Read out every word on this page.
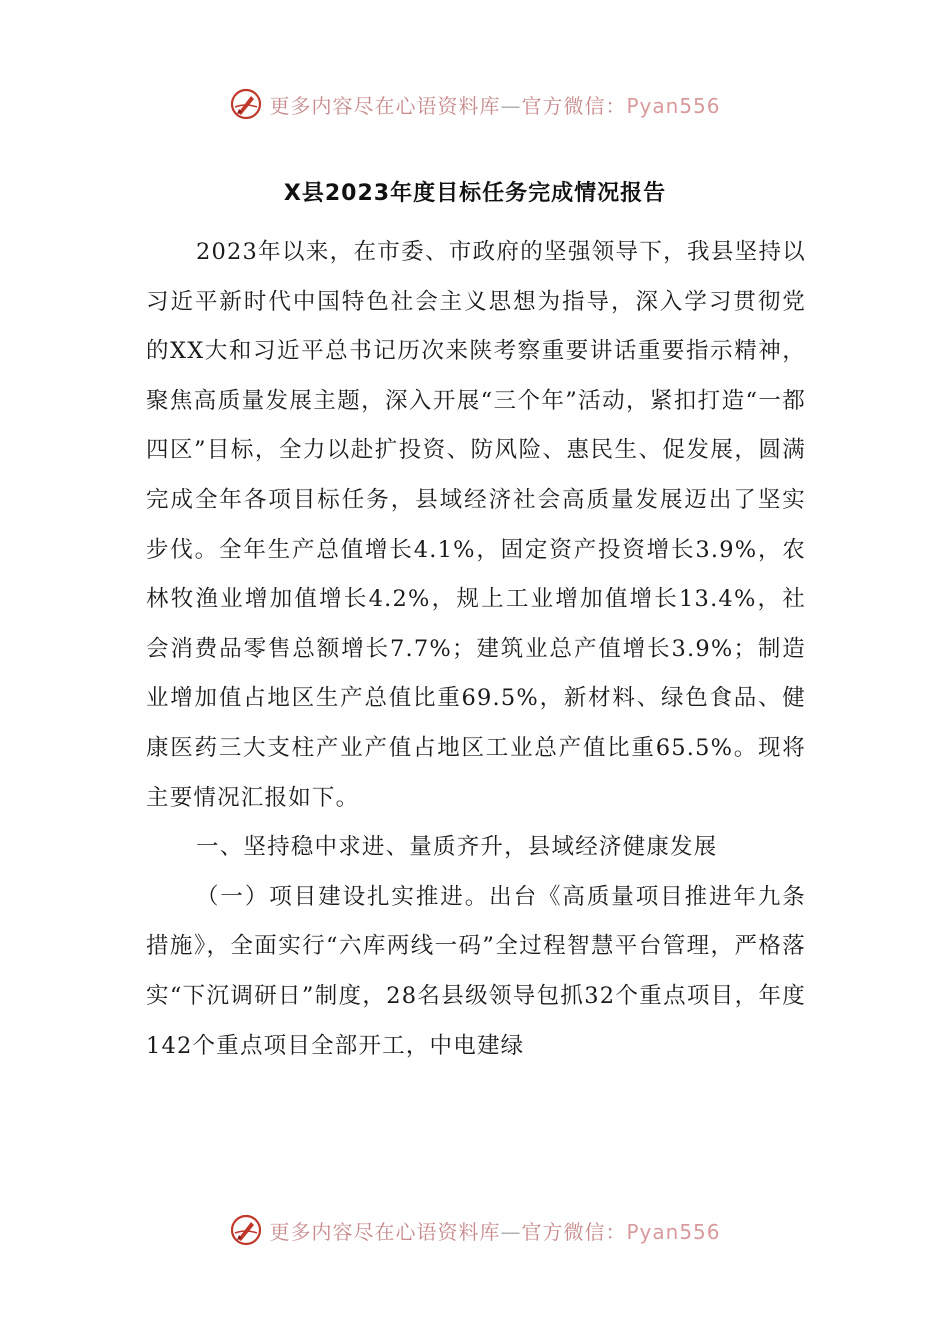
更多内容尽在心语资料库—官方微信：Pyan556
X县2023年度目标任务完成情况报告

2023年以来，在市委、市政府的坚强领导下，我县坚持以习近平新时代中国特色社会主义思想为指导，深入学习贯彻党的XX大和习近平总书记历次来陕考察重要讲话重要指示精神，聚焦高质量发展主题，深入开展“三个年”活动，紧扣打造“一都四区”目标，全力以赴扩投资、防风险、惠民生、促发展，圆满完成全年各项目标任务，县域经济社会高质量发展迈出了坚实步伐。全年生产总值增长4.1%，固定资产投资增长3.9%，农林牧渔业增加值增长4.2%，规上工业增加值增长13.4%，社会消费品零售总额增长7.7%；建筑业总产值增长3.9%；制造业增加值占地区生产总值比重69.5%，新材料、绿色食品、健康医药三大支柱产业产值占地区工业总产值比重65.5%。现将主要情况汇报如下。

一、坚持稳中求进、量质齐升，县域经济健康发展

（一）项目建设扎实推进。出台《高质量项目推进年九条措施》，全面实行“六库两线一码”全过程智慧平台管理，严格落实“下沉调研日”制度，28名县级领导包抓32个重点项目，年度142个重点项目全部开工，中电建绿

更多内容尽在心语资料库—官方微信：Pyan556
